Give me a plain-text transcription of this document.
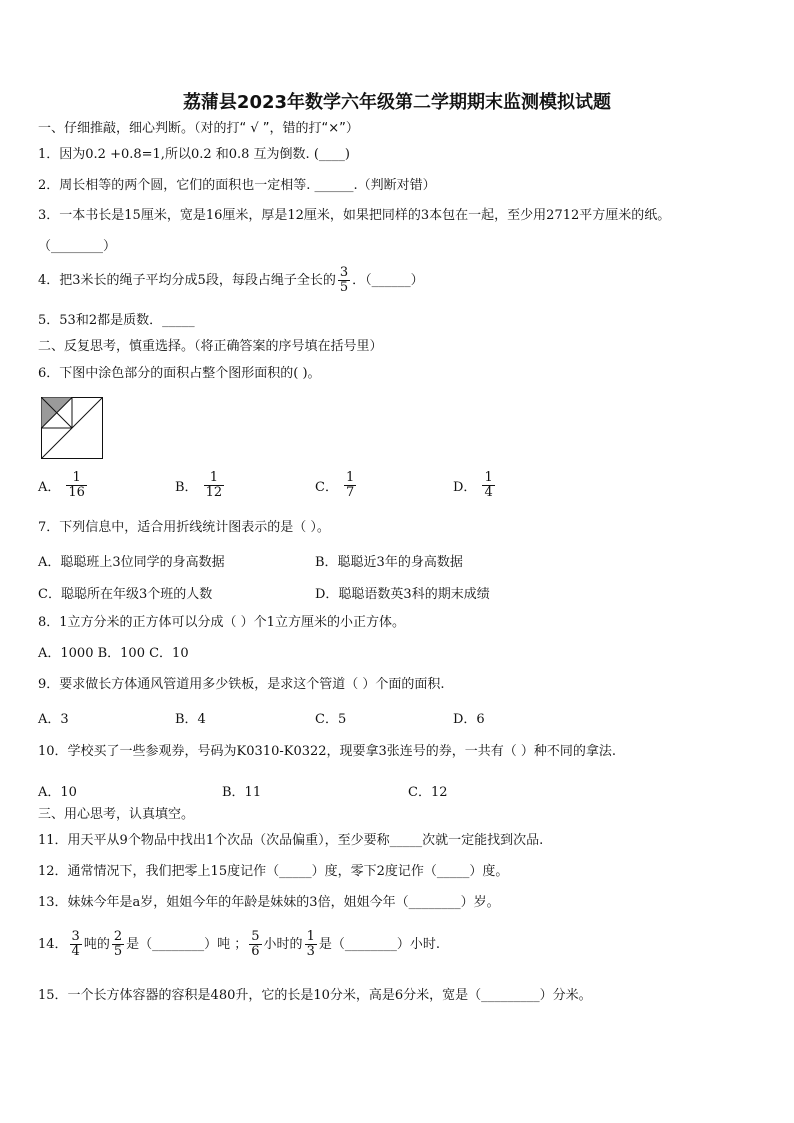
荔蒲县2023年数学六年级第二学期期末监测模拟试题
一、仔细推敲，细心判断。（对的打“ √ ”，错的打“×”）
1．因为0.2 +0.8=1,所以0.2 和0.8 互为倒数. (____)
2．周长相等的两个圆，它们的面积也一定相等. ______.（判断对错）
3．一本书长是15厘米，宽是16厘米，厚是12厘米，如果把同样的3本包在一起，至少用2712平方厘米的纸。
（________）
4．把3米长的绳子平均分成5段，每段占绳子全长的 $\frac{3}{5}$ ．（______）
5．53和2都是质数．_____
二、反复思考，慎重选择。（将正确答案的序号填在括号里）
6．下图中涂色部分的面积占整个图形面积的( )。
A． $\frac{1}{16}$	B． $\frac{1}{12}$	C． $\frac{1}{7}$	D． $\frac{1}{4}$
7．下列信息中，适合用折线统计图表示的是（ ）。
A．聪聪班上3位同学的身高数据	B．聪聪近3年的身高数据
C．聪聪所在年级3个班的人数	D．聪聪语数英3科的期末成绩
8．1立方分米的正方体可以分成（ ）个1立方厘米的小正方体。
A．1000 B．100 C．10
9．要求做长方体通风管道用多少铁板，是求这个管道（ ）个面的面积.
A．3	B．4	C．5	D．6
10．学校买了一些参观券，号码为K0310-K0322，现要拿3张连号的券，一共有（ ）种不同的拿法.
A．10	B．11	C．12
三、用心思考，认真填空。
11．用天平从9个物品中找出1个次品（次品偏重），至少要称_____次就一定能找到次品.
12．通常情况下，我们把零上15度记作（_____）度，零下2度记作（_____）度。
13．妹妹今年是a岁，姐姐今年的年龄是妹妹的3倍，姐姐今年（________）岁。
14． $\frac{3}{4}$ 吨的 $\frac{2}{5}$ 是（________）吨 ； $\frac{5}{6}$ 小时的 $\frac{1}{3}$ 是（________）小时.
15．一个长方体容器的容积是480升，它的长是10分米，高是6分米，宽是（_________）分米。
